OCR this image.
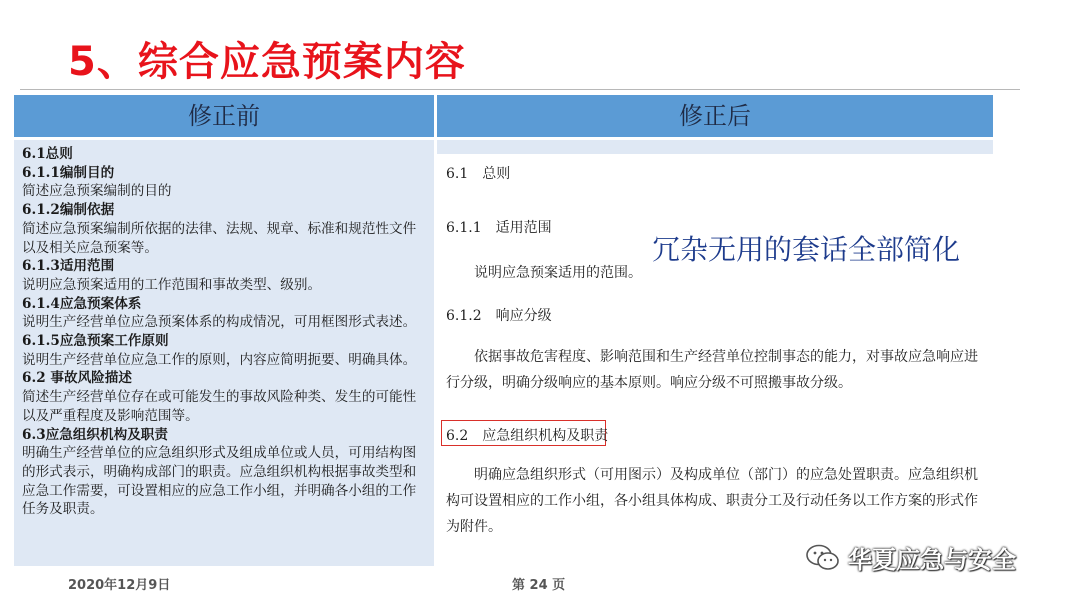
5、综合应急预案内容
修正前	修正后
6.1总则
6.1.1编制目的
简述应急预案编制的目的
6.1.2编制依据
简述应急预案编制所依据的法律、法规、规章、标准和规范性文件以及相关应急预案等。
6.1.3适用范围
说明应急预案适用的工作范围和事故类型、级别。
6.1.4应急预案体系
说明生产经营单位应急预案体系的构成情况，可用框图形式表述。
6.1.5应急预案工作原则
说明生产经营单位应急工作的原则，内容应简明扼要、明确具体。
6.2 事故风险描述
简述生产经营单位存在或可能发生的事故风险种类、发生的可能性以及严重程度及影响范围等。
6.3应急组织机构及职责
明确生产经营单位的应急组织形式及组成单位或人员，可用结构图的形式表示，明确构成部门的职责。应急组织机构根据事故类型和应急工作需要，可设置相应的应急工作小组，并明确各小组的工作任务及职责。
6.1　总则
6.1.1　适用范围
说明应急预案适用的范围。
6.1.2　响应分级
依据事故危害程度、影响范围和生产经营单位控制事态的能力，对事故应急响应进行分级，明确分级响应的基本原则。响应分级不可照搬事故分级。
6.2　应急组织机构及职责
明确应急组织形式（可用图示）及构成单位（部门）的应急处置职责。应急组织机构可设置相应的工作小组，各小组具体构成、职责分工及行动任务以工作方案的形式作为附件。
冗杂无用的套话全部简化
2020年12月9日	第 24 页
华夏应急与安全
